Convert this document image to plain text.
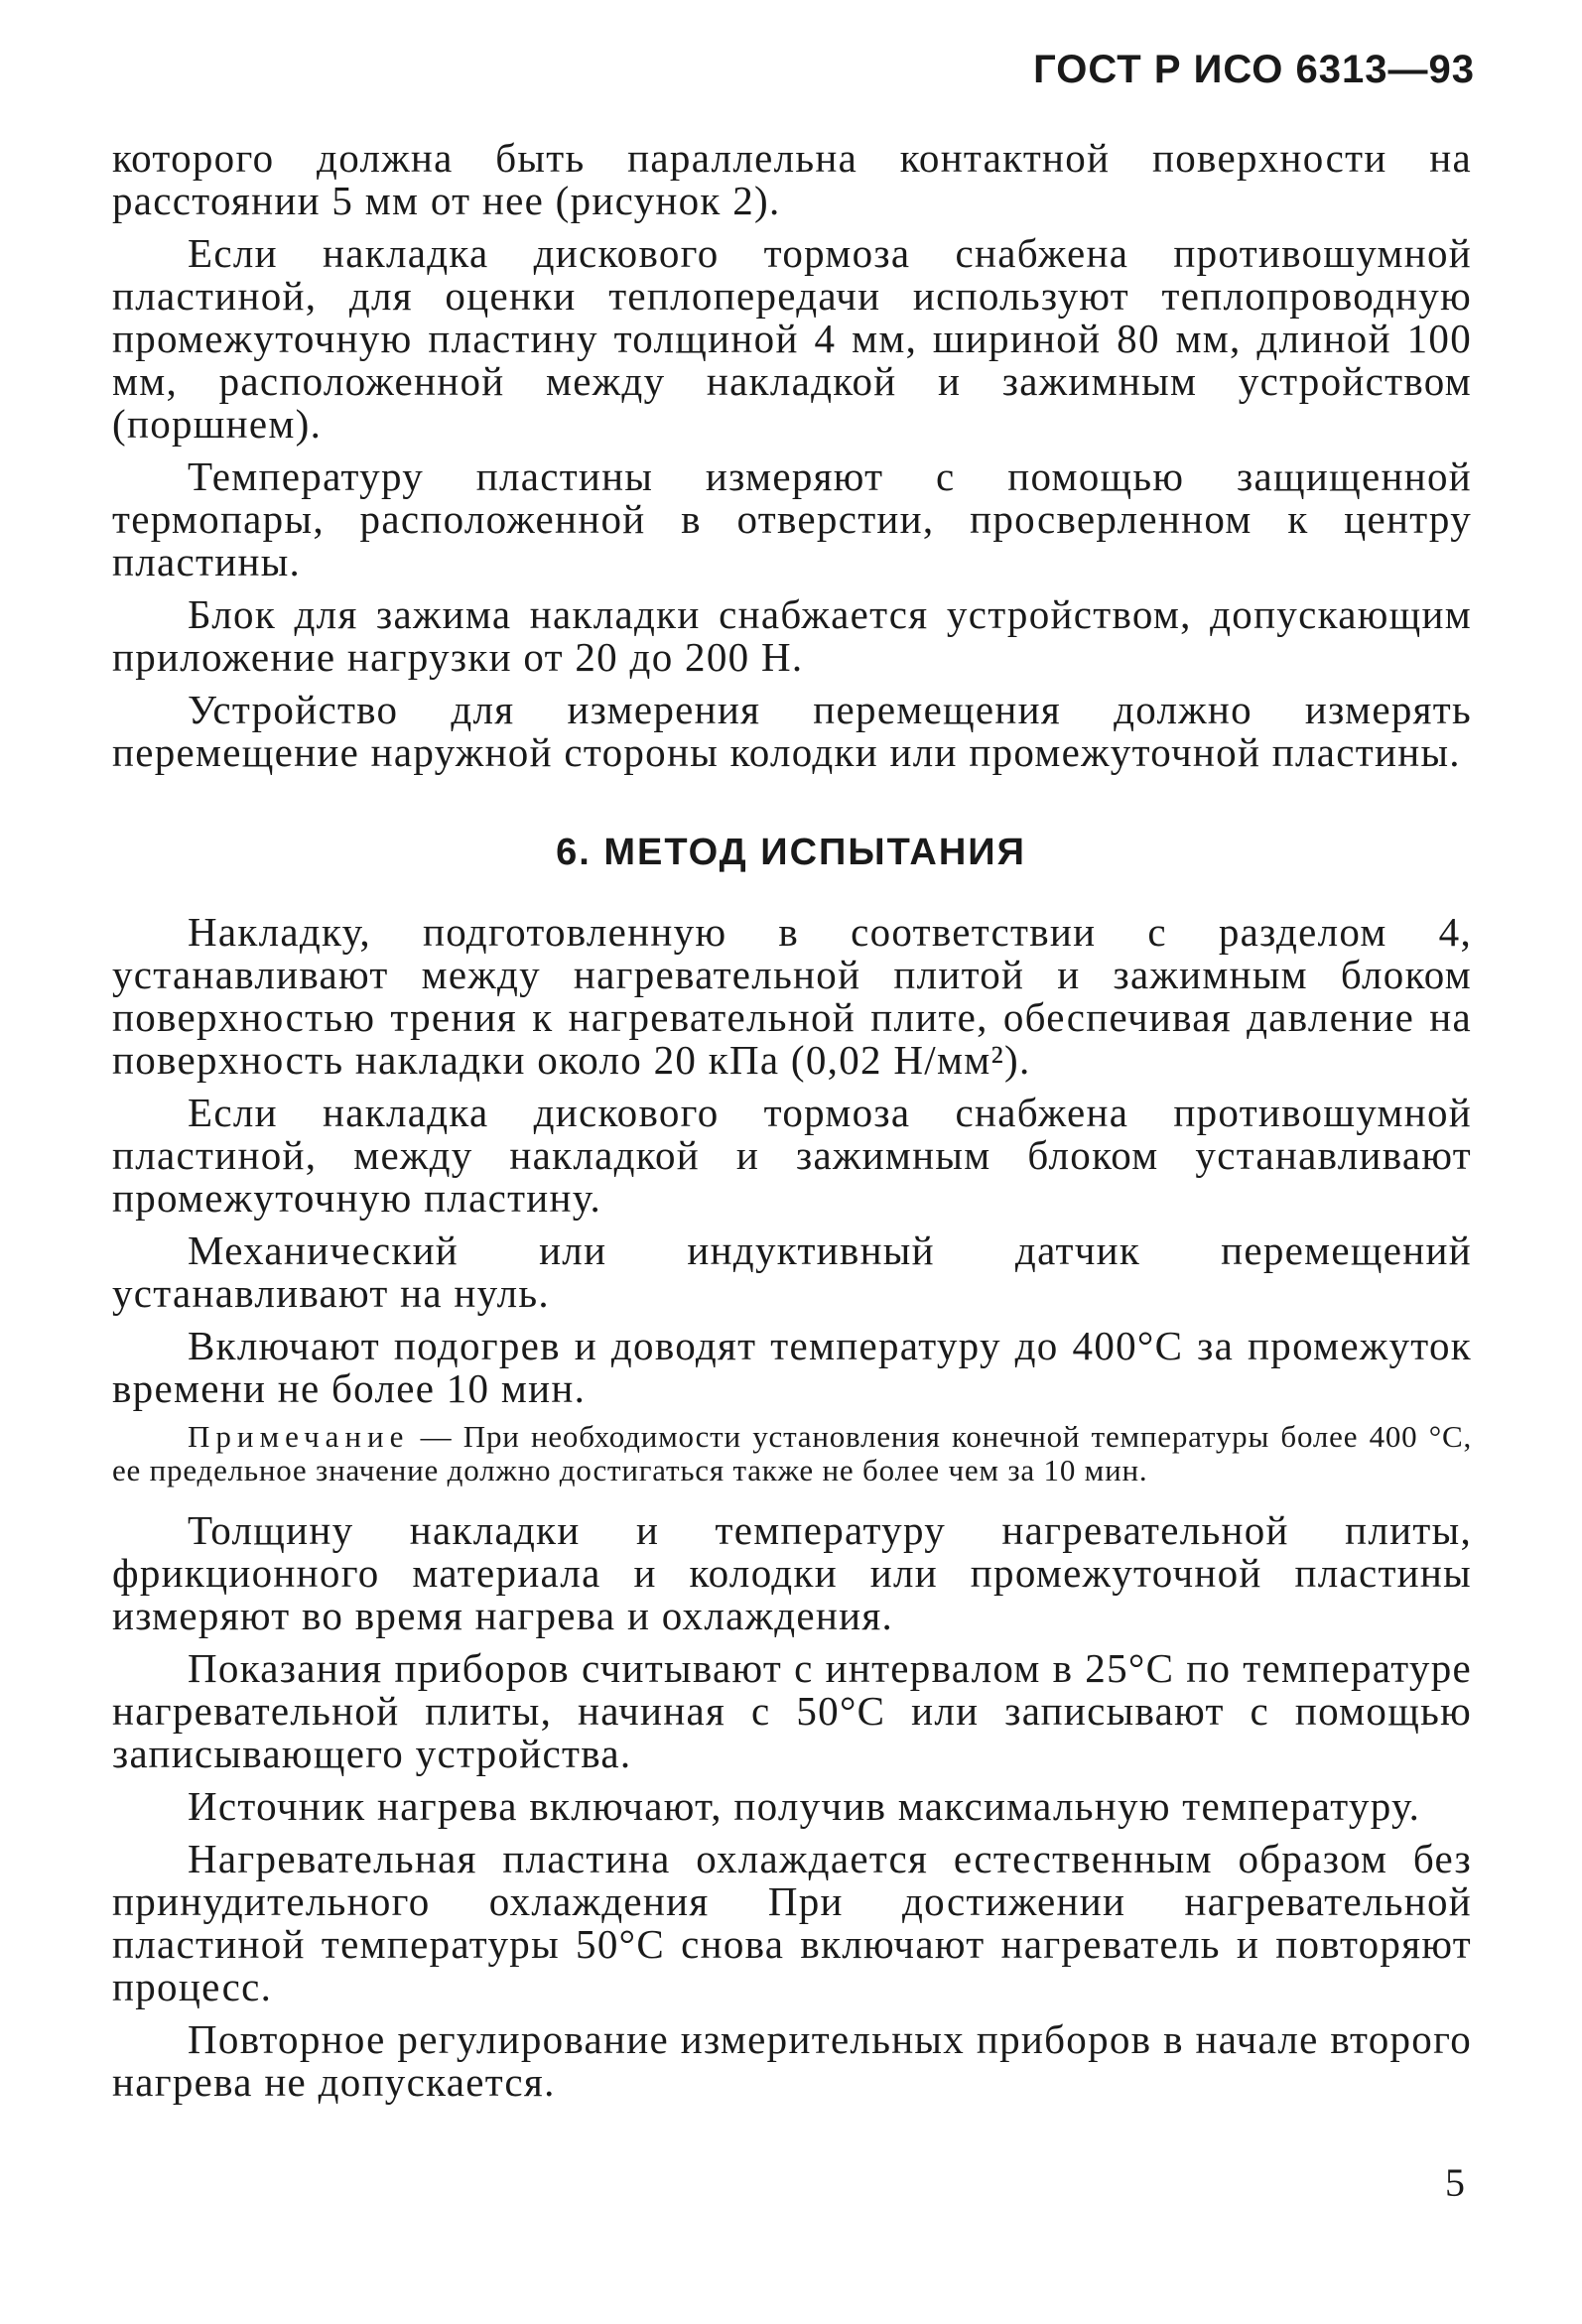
ГОСТ Р ИСО 6313—93

которого должна быть параллельна контактной поверхности на расстоянии 5 мм от нее (рисунок 2).

Если накладка дискового тормоза снабжена противошумной пластиной, для оценки теплопередачи используют теплопроводную промежуточную пластину толщиной 4 мм, шириной 80 мм, длиной 100 мм, расположенной между накладкой и зажимным устройством (поршнем).

Температуру пластины измеряют с помощью защищенной термопары, расположенной в отверстии, просверленном к центру пластины.

Блок для зажима накладки снабжается устройством, допускающим приложение нагрузки от 20 до 200 Н.

Устройство для измерения перемещения должно измерять перемещение наружной стороны колодки или промежуточной пластины.

6. МЕТОД ИСПЫТАНИЯ

Накладку, подготовленную в соответствии с разделом 4, устанавливают между нагревательной плитой и зажимным блоком поверхностью трения к нагревательной плите, обеспечивая давление на поверхность накладки около 20 кПа (0,02 Н/мм²).

Если накладка дискового тормоза снабжена противошумной пластиной, между накладкой и зажимным блоком устанавливают промежуточную пластину.

Механический или индуктивный датчик перемещений устанавливают на нуль.

Включают подогрев и доводят температуру до 400°С за промежуток времени не более 10 мин.

Примечание — При необходимости установления конечной температуры более 400 °С, ее предельное значение должно достигаться также не более чем за 10 мин.

Толщину накладки и температуру нагревательной плиты, фрикционного материала и колодки или промежуточной пластины измеряют во время нагрева и охлаждения.

Показания приборов считывают с интервалом в 25°С по температуре нагревательной плиты, начиная с 50°С или записывают с помощью записывающего устройства.

Источник нагрева включают, получив максимальную температуру.

Нагревательная пластина охлаждается естественным образом без принудительного охлаждения При достижении нагревательной пластиной температуры 50°С снова включают нагреватель и повторяют процесс.

Повторное регулирование измерительных приборов в начале второго нагрева не допускается.

5
